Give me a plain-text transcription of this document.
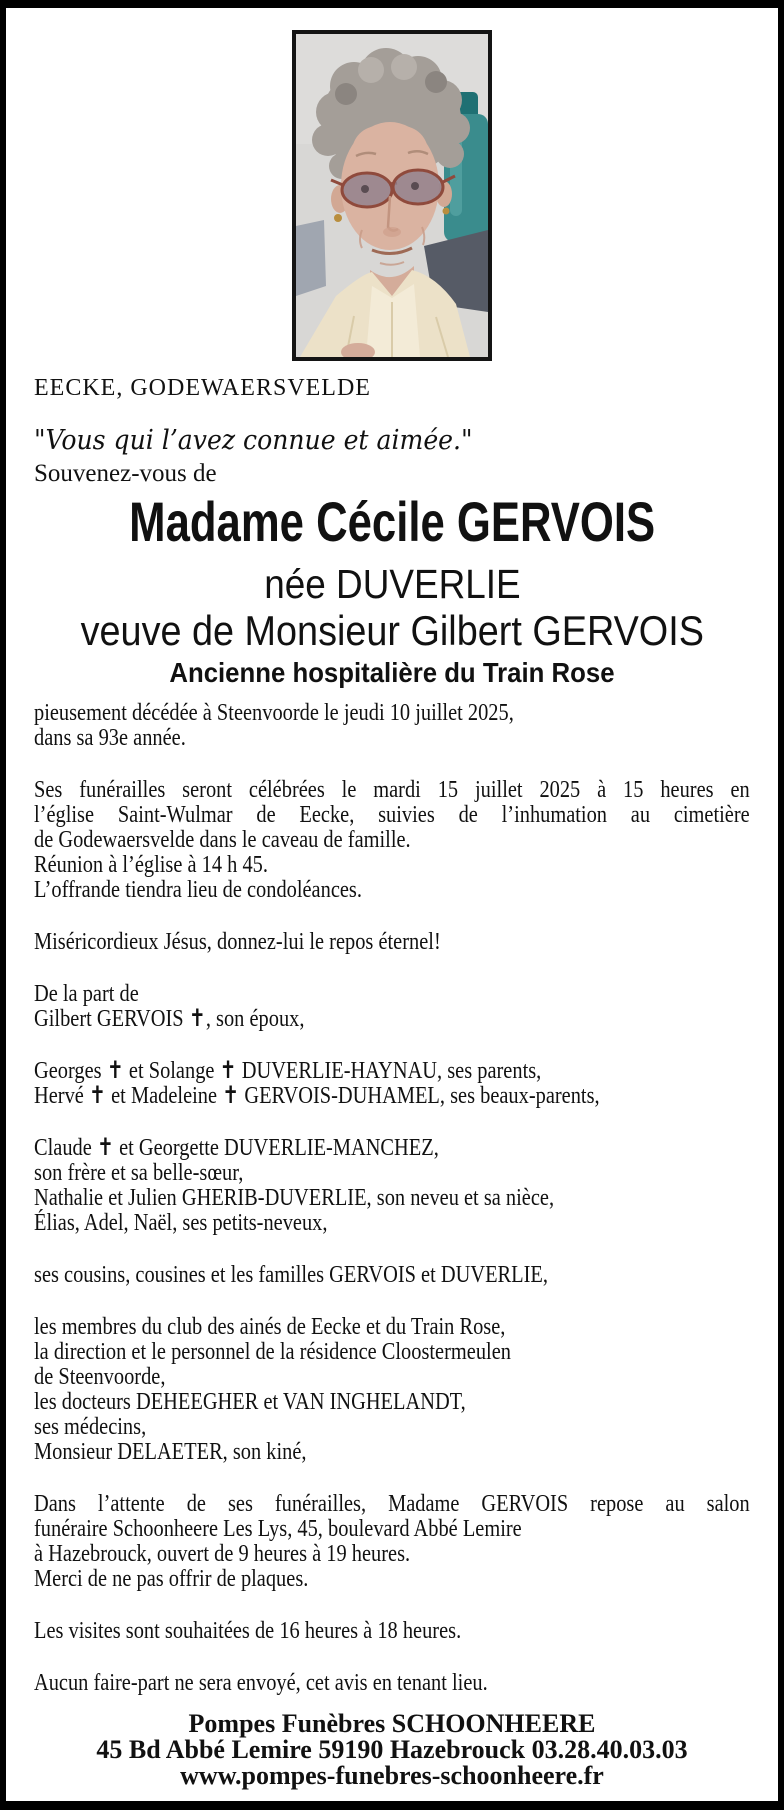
EECKE, GODEWAERSVELDE
"Vous qui l’avez connue et aimée."
Souvenez-vous de
Madame Cécile GERVOIS
née DUVERLIE
veuve de Monsieur Gilbert GERVOIS
Ancienne hospitalière du Train Rose
pieusement décédée à Steenvoorde le jeudi 10 juillet 2025,
dans sa 93e année.
Ses funérailles seront célébrées le mardi 15 juillet 2025 à 15 heures en
l’église Saint-Wulmar de Eecke, suivies de l’inhumation au cimetière
de Godewaersvelde dans le caveau de famille.
Réunion à l’église à 14 h 45.
L’offrande tiendra lieu de condoléances.
Miséricordieux Jésus, donnez-lui le repos éternel!
De la part de
Gilbert GERVOIS ✝, son époux,
Georges ✝ et Solange ✝ DUVERLIE-HAYNAU, ses parents,
Hervé ✝ et Madeleine ✝ GERVOIS-DUHAMEL, ses beaux-parents,
Claude ✝ et Georgette DUVERLIE-MANCHEZ,
son frère et sa belle-sœur,
Nathalie et Julien GHERIB-DUVERLIE, son neveu et sa nièce,
Élias, Adel, Naël, ses petits-neveux,
ses cousins, cousines et les familles GERVOIS et DUVERLIE,
les membres du club des ainés de Eecke et du Train Rose,
la direction et le personnel de la résidence Cloostermeulen
de Steenvoorde,
les docteurs DEHEEGHER et VAN INGHELANDT,
ses médecins,
Monsieur DELAETER, son kiné,
Dans l’attente de ses funérailles, Madame GERVOIS repose au salon
funéraire Schoonheere Les Lys, 45, boulevard Abbé Lemire
à Hazebrouck, ouvert de 9 heures à 19 heures.
Merci de ne pas offrir de plaques.
Les visites sont souhaitées de 16 heures à 18 heures.
Aucun faire-part ne sera envoyé, cet avis en tenant lieu.
Pompes Funèbres SCHOONHEERE
45 Bd Abbé Lemire 59190 Hazebrouck 03.28.40.03.03
www.pompes-funebres-schoonheere.fr
